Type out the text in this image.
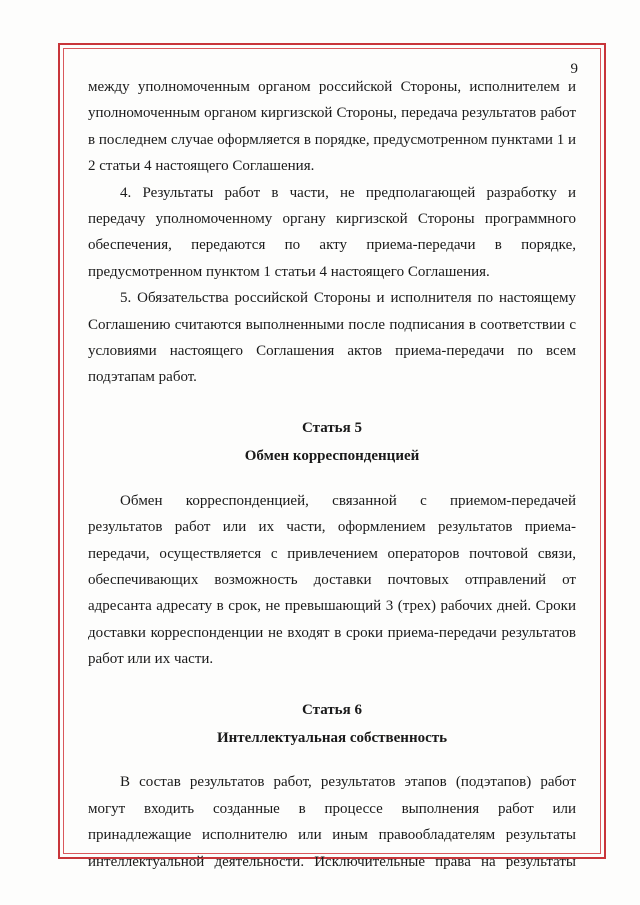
9

между уполномоченным органом российской Стороны, исполнителем и уполномоченным органом киргизской Стороны, передача результатов работ в последнем случае оформляется в порядке, предусмотренном пунктами 1 и 2 статьи 4 настоящего Соглашения.

4. Результаты работ в части, не предполагающей разработку и передачу уполномоченному органу киргизской Стороны программного обеспечения, передаются по акту приема-передачи в порядке, предусмотренном пунктом 1 статьи 4 настоящего Соглашения.

5. Обязательства российской Стороны и исполнителя по настоящему Соглашению считаются выполненными после подписания в соответствии с условиями настоящего Соглашения актов приема-передачи по всем подэтапам работ.

Статья 5

Обмен корреспонденцией

Обмен корреспонденцией, связанной с приемом-передачей результатов работ или их части, оформлением результатов приема-передачи, осуществляется с привлечением операторов почтовой связи, обеспечивающих возможность доставки почтовых отправлений от адресанта адресату в срок, не превышающий 3 (трех) рабочих дней. Сроки доставки корреспонденции не входят в сроки приема-передачи результатов работ или их части.

Статья 6

Интеллектуальная собственность

В состав результатов работ, результатов этапов (подэтапов) работ могут входить созданные в процессе выполнения работ или принадлежащие исполнителю или иным правообладателям результаты интеллектуальной деятельности. Исключительные права на результаты
